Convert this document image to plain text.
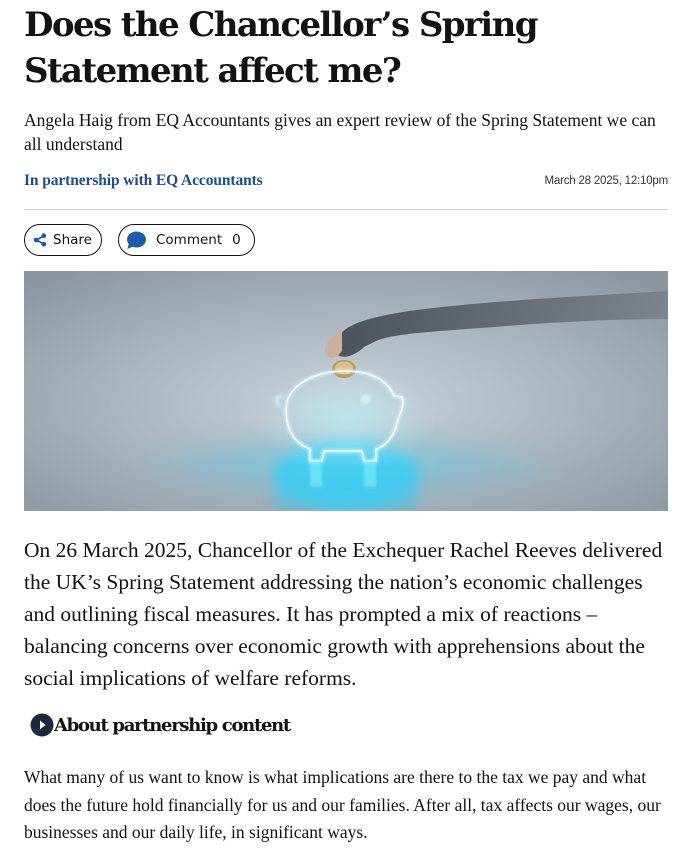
Does the Chancellor’s Spring Statement affect me?
Angela Haig from EQ Accountants gives an expert review of the Spring Statement we can all understand
In partnership with EQ Accountants	March 28 2025, 12:10pm
Share	Comment 0
On 26 March 2025, Chancellor of the Exchequer Rachel Reeves delivered the UK’s Spring Statement addressing the nation’s economic challenges and outlining fiscal measures. It has prompted a mix of reactions – balancing concerns over economic growth with apprehensions about the social implications of welfare reforms.
About partnership content
What many of us want to know is what implications are there to the tax we pay and what does the future hold financially for us and our families. After all, tax affects our wages, our businesses and our daily life, in significant ways.
